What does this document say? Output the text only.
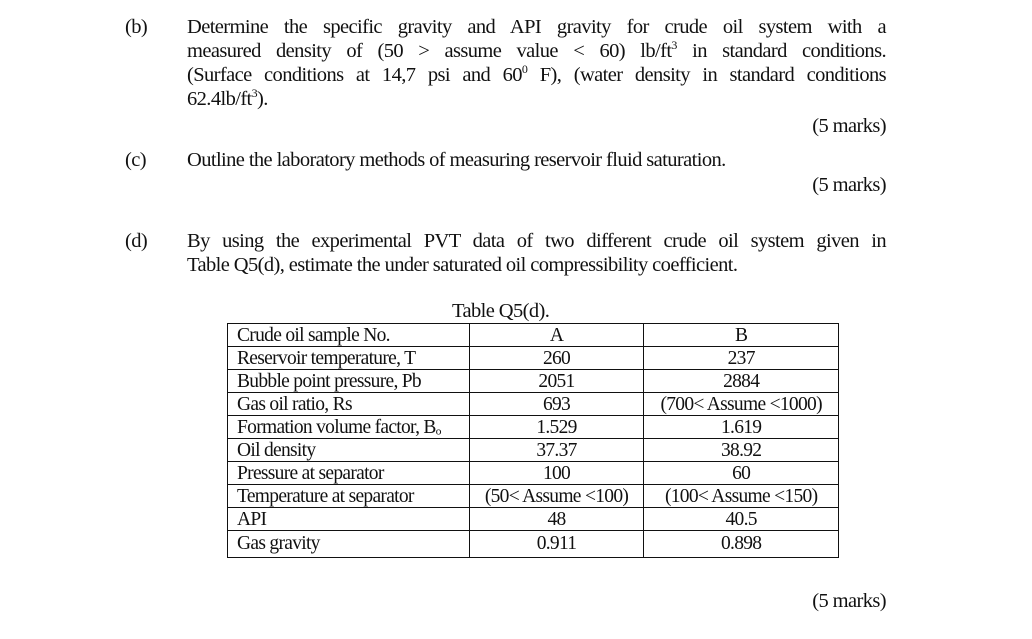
(b) Determine the specific gravity and API gravity for crude oil system with a
measured density of (50 > assume value < 60) $lb/ft^3$ in standard conditions.
(Surface conditions at 14,7 psi and $60^0$ F), (water density in standard conditions
$62.4lb/ft^3$).
(5 marks)
(c) Outline the laboratory methods of measuring reservoir fluid saturation.
(5 marks)
(d) By using the experimental PVT data of two different crude oil system given in
Table Q5(d), estimate the under saturated oil compressibility coefficient.
Table Q5(d).
Crude oil sample No.	A	B
Reservoir temperature, T	260	237
Bubble point pressure, Pb	2051	2884
Gas oil ratio, Rs	693	(700< Assume <1000)
Formation volume factor, Bₒ	1.529	1.619
Oil density	37.37	38.92
Pressure at separator	100	60
Temperature at separator	(50< Assume <100)	(100< Assume <150)
API	48	40.5
Gas gravity	0.911	0.898
(5 marks)
